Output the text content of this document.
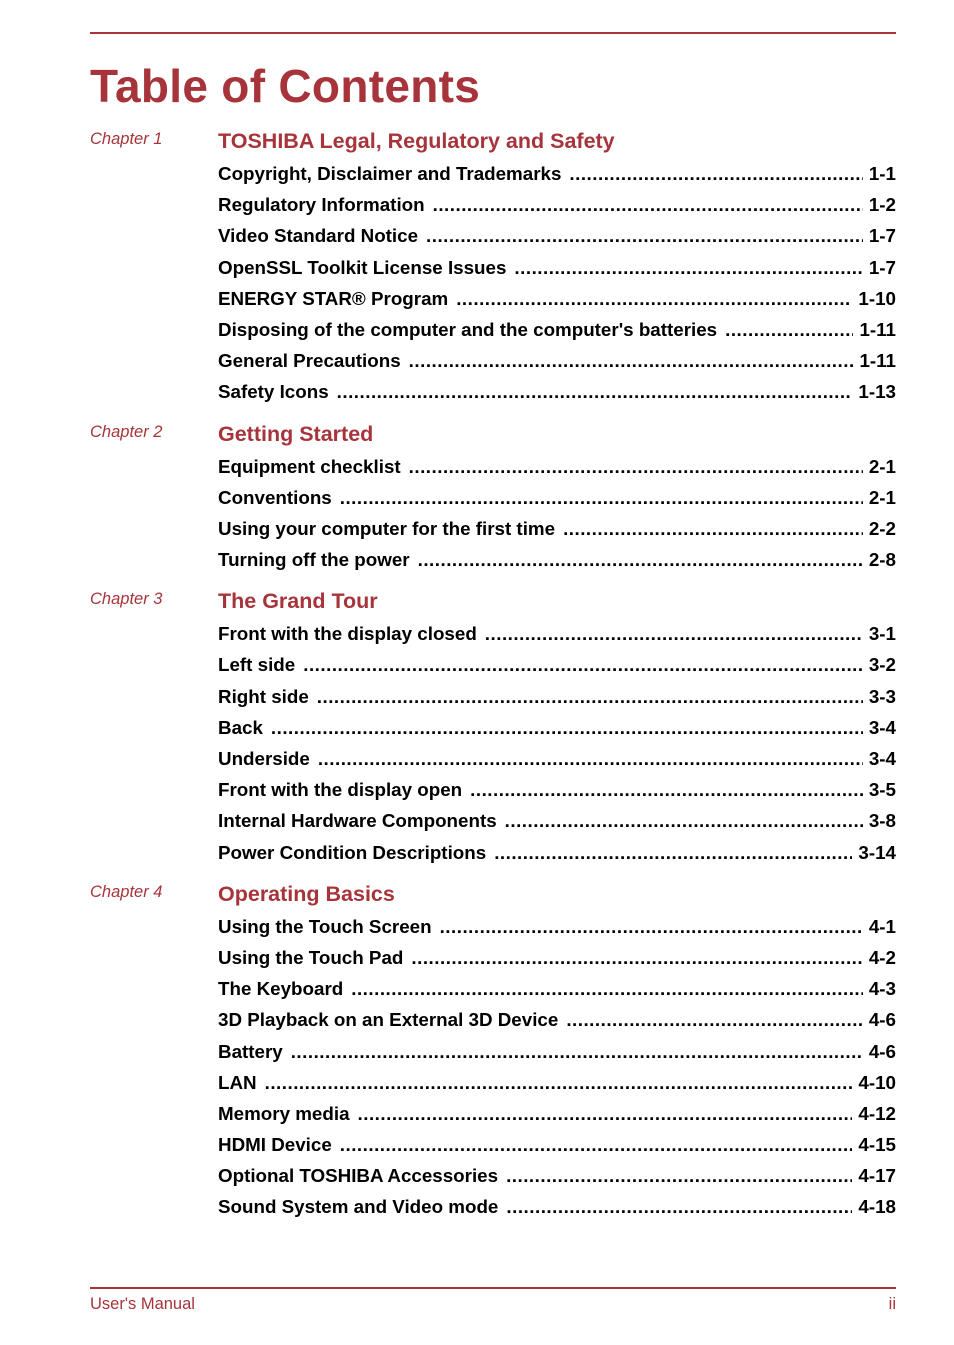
Table of Contents
Chapter 1	TOSHIBA Legal, Regulatory and Safety
Copyright, Disclaimer and Trademarks .....	1-1
Regulatory Information .....	1-2
Video Standard Notice .....	1-7
OpenSSL Toolkit License Issues .....	1-7
ENERGY STAR® Program .....	1-10
Disposing of the computer and the computer's batteries .....	1-11
General Precautions .....	1-11
Safety Icons .....	1-13
Chapter 2	Getting Started
Equipment checklist .....	2-1
Conventions .....	2-1
Using your computer for the first time .....	2-2
Turning off the power .....	2-8
Chapter 3	The Grand Tour
Front with the display closed .....	3-1
Left side .....	3-2
Right side .....	3-3
Back .....	3-4
Underside .....	3-4
Front with the display open .....	3-5
Internal Hardware Components .....	3-8
Power Condition Descriptions .....	3-14
Chapter 4	Operating Basics
Using the Touch Screen .....	4-1
Using the Touch Pad .....	4-2
The Keyboard .....	4-3
3D Playback on an External 3D Device .....	4-6
Battery .....	4-6
LAN .....	4-10
Memory media .....	4-12
HDMI Device .....	4-15
Optional TOSHIBA Accessories .....	4-17
Sound System and Video mode .....	4-18
User's Manual	ii
